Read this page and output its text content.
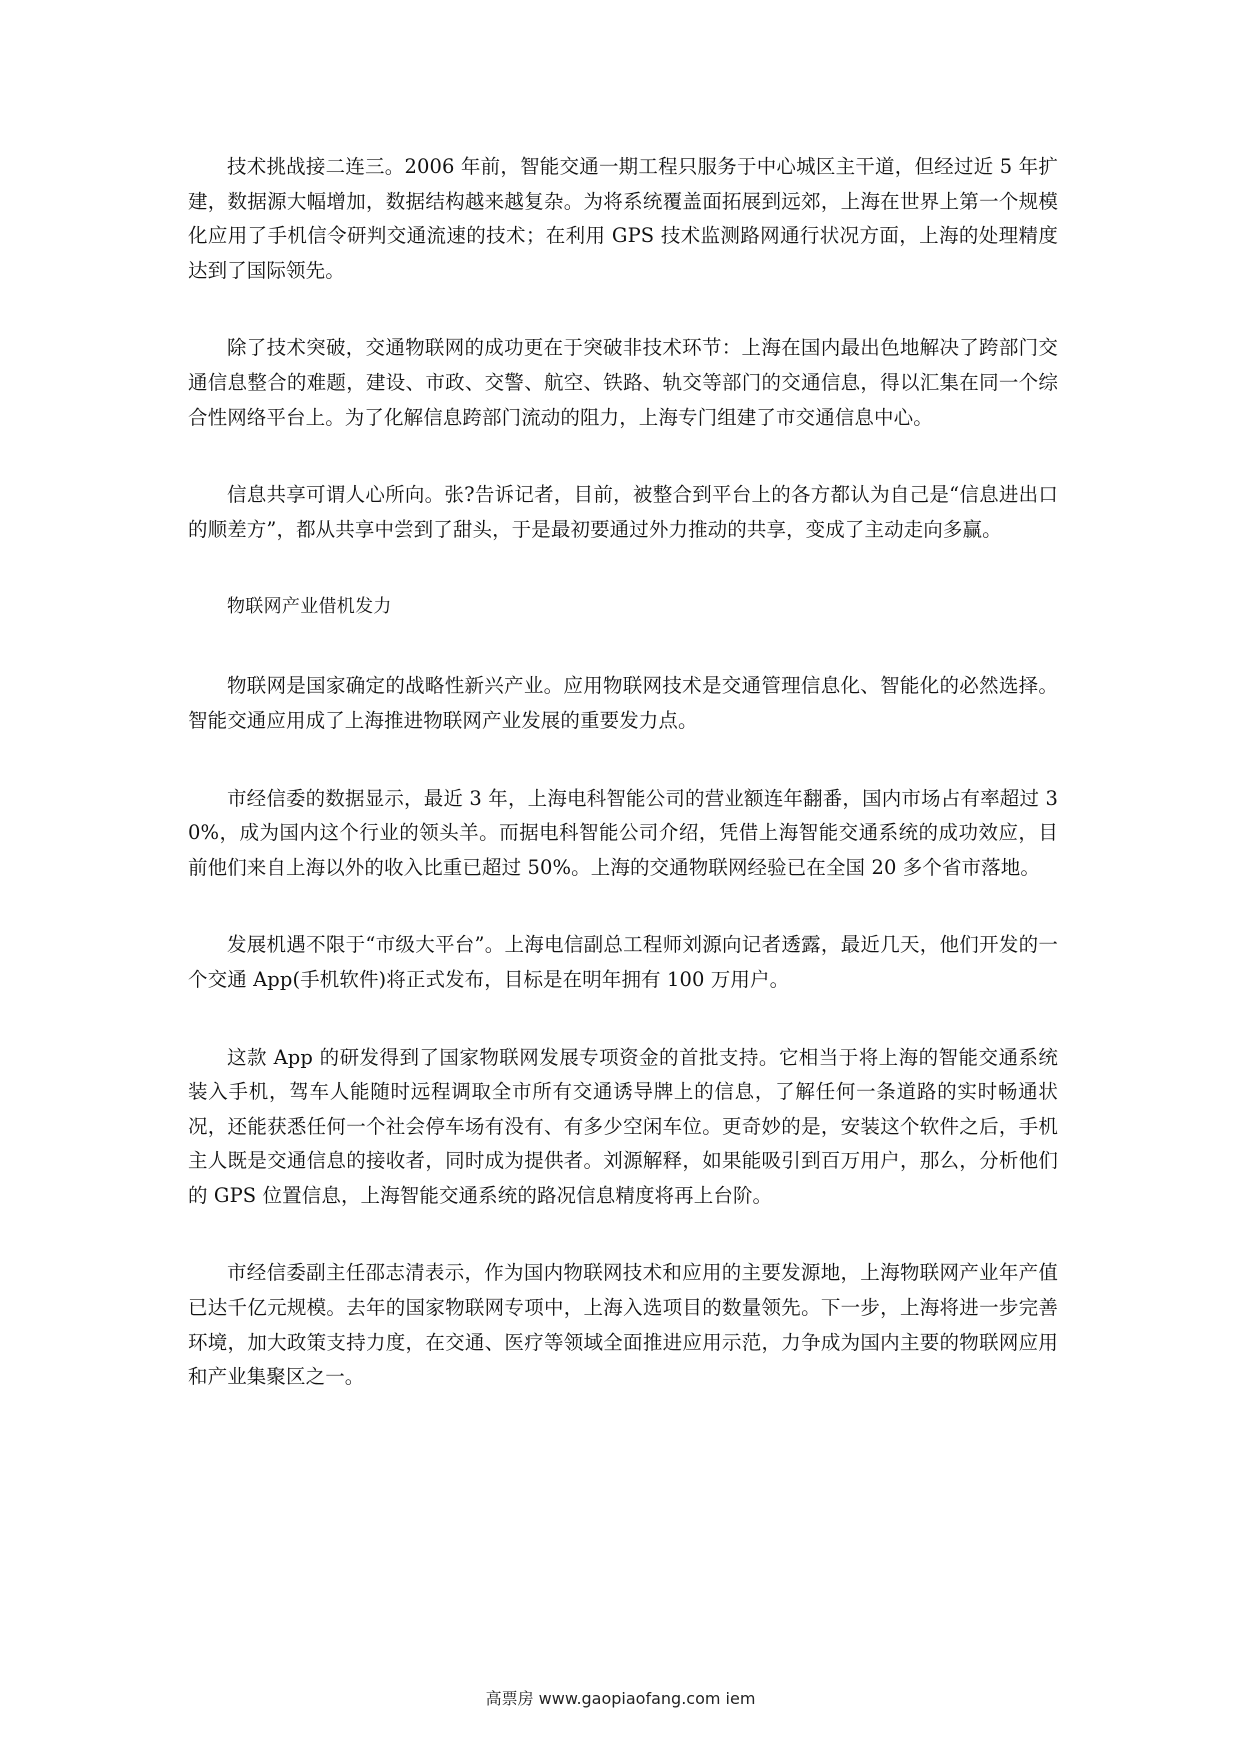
技术挑战接二连三。2006 年前，智能交通一期工程只服务于中心城区主干道，但经过近 5 年扩建，数据源大幅增加，数据结构越来越复杂。为将系统覆盖面拓展到远郊，上海在世界上第一个规模化应用了手机信令研判交通流速的技术；在利用 GPS 技术监测路网通行状况方面，上海的处理精度达到了国际领先。

除了技术突破，交通物联网的成功更在于突破非技术环节：上海在国内最出色地解决了跨部门交通信息整合的难题，建设、市政、交警、航空、铁路、轨交等部门的交通信息，得以汇集在同一个综合性网络平台上。为了化解信息跨部门流动的阻力，上海专门组建了市交通信息中心。

信息共享可谓人心所向。张?告诉记者，目前，被整合到平台上的各方都认为自己是“信息进出口的顺差方”，都从共享中尝到了甜头，于是最初要通过外力推动的共享，变成了主动走向多赢。

物联网产业借机发力

物联网是国家确定的战略性新兴产业。应用物联网技术是交通管理信息化、智能化的必然选择。智能交通应用成了上海推进物联网产业发展的重要发力点。

市经信委的数据显示，最近 3 年，上海电科智能公司的营业额连年翻番，国内市场占有率超过 30%，成为国内这个行业的领头羊。而据电科智能公司介绍，凭借上海智能交通系统的成功效应，目前他们来自上海以外的收入比重已超过 50%。上海的交通物联网经验已在全国 20 多个省市落地。

发展机遇不限于“市级大平台”。上海电信副总工程师刘源向记者透露，最近几天，他们开发的一个交通 App(手机软件)将正式发布，目标是在明年拥有 100 万用户。

这款 App 的研发得到了国家物联网发展专项资金的首批支持。它相当于将上海的智能交通系统装入手机，驾车人能随时远程调取全市所有交通诱导牌上的信息，了解任何一条道路的实时畅通状况，还能获悉任何一个社会停车场有没有、有多少空闲车位。更奇妙的是，安装这个软件之后，手机主人既是交通信息的接收者，同时成为提供者。刘源解释，如果能吸引到百万用户，那么，分析他们的 GPS 位置信息，上海智能交通系统的路况信息精度将再上台阶。

市经信委副主任邵志清表示，作为国内物联网技术和应用的主要发源地，上海物联网产业年产值已达千亿元规模。去年的国家物联网专项中，上海入选项目的数量领先。下一步，上海将进一步完善环境，加大政策支持力度，在交通、医疗等领域全面推进应用示范，力争成为国内主要的物联网应用和产业集聚区之一。

高票房 www.gaopiaofang.com iem
